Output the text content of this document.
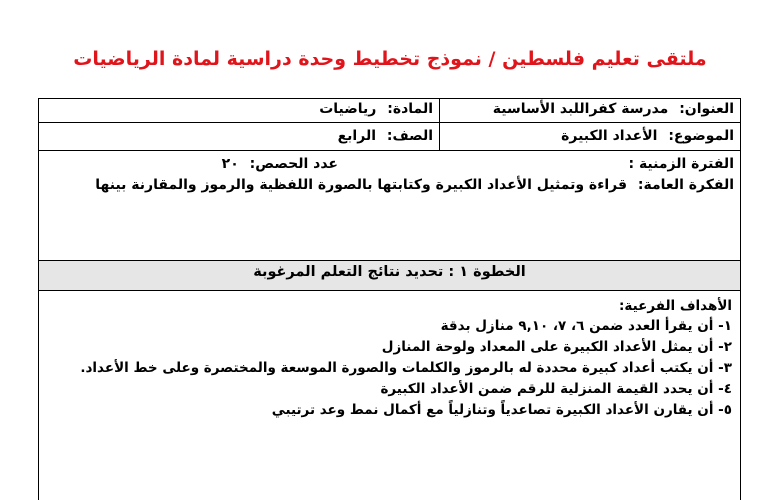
ملتقى تعليم فلسطين / نموذج تخطيط وحدة دراسية لمادة الرياضيات
العنوان: مدرسة كفراللبد الأساسية
المادة: رياضيات
الموضوع: الأعداد الكبيرة
الصف: الرابع
الفترة الزمنية :
عدد الحصص: ٢٠
الفكرة العامة: قراءة وتمثيل الأعداد الكبيرة وكتابتها بالصورة اللفظية والرموز والمقارنة بينها
الخطوة ١ : تحديد نتائج التعلم المرغوبة
الأهداف الفرعية:
١- أن يقرأ العدد ضمن ٦، ٧، ٩,١٠ منازل بدقة
٢- أن يمثل الأعداد الكبيرة على المعداد ولوحة المنازل
٣- أن يكتب أعداد كبيرة محددة له بالرموز والكلمات والصورة الموسعة والمختصرة وعلى خط الأعداد.
٤- أن يحدد القيمة المنزلية للرقم ضمن الأعداد الكبيرة
٥- أن يقارن الأعداد الكبيرة تصاعدياً وتنازلياً مع أكمال نمط وعد ترتيبي
